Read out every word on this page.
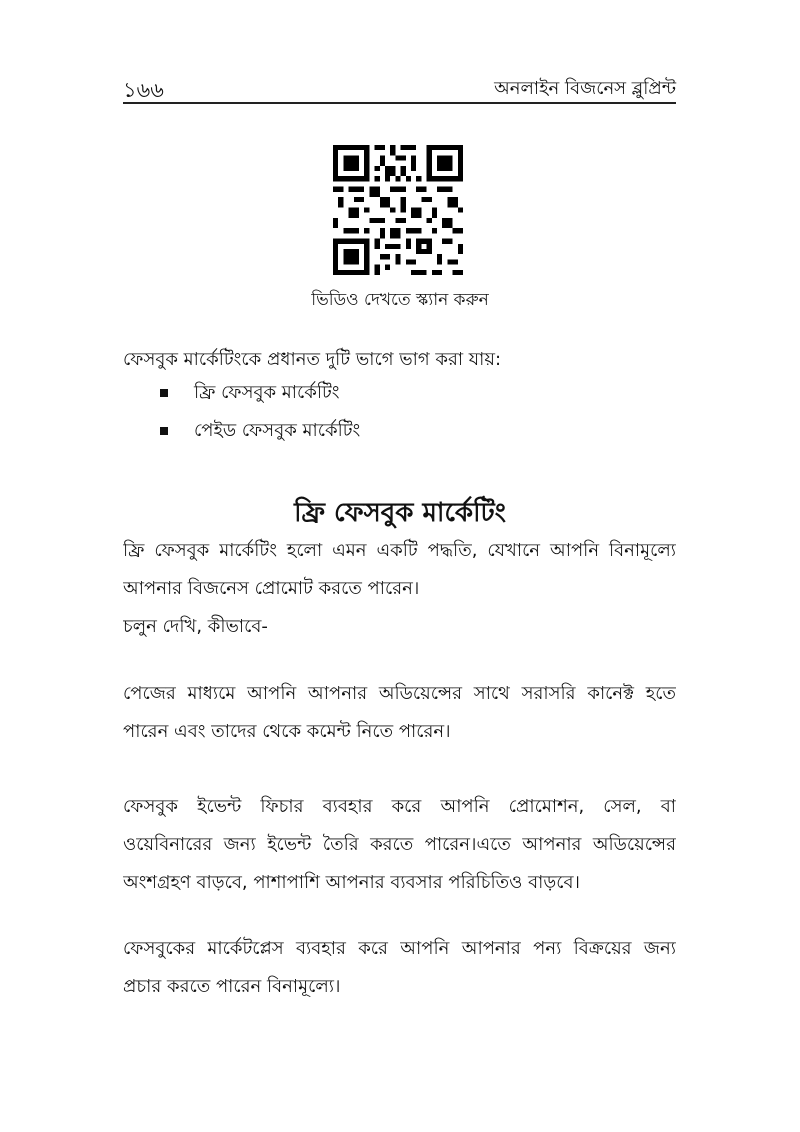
১৬৬	অনলাইন বিজনেস ব্লুপ্রিন্ট
ভিডিও দেখতে স্ক্যান করুন
ফেসবুক মার্কেটিংকে প্রধানত দুটি ভাগে ভাগ করা যায়:
ফ্রি ফেসবুক মার্কেটিং
পেইড ফেসবুক মার্কেটিং
ফ্রি ফেসবুক মার্কেটিং
ফ্রি ফেসবুক মার্কেটিং হলো এমন একটি পদ্ধতি, যেখানে আপনি বিনামূল্যে
আপনার বিজনেস প্রোমোট করতে পারেন।
চলুন দেখি, কীভাবে-
পেজের মাধ্যমে আপনি আপনার অডিয়েন্সের সাথে সরাসরি কানেক্ট হতে
পারেন এবং তাদের থেকে কমেন্ট নিতে পারেন।
ফেসবুক ইভেন্ট ফিচার ব্যবহার করে আপনি প্রোমোশন, সেল, বা
ওয়েবিনারের জন্য ইভেন্ট তৈরি করতে পারেন।এতে আপনার অডিয়েন্সের
অংশগ্রহণ বাড়বে, পাশাপাশি আপনার ব্যবসার পরিচিতিও বাড়বে।
ফেসবুকের মার্কেটপ্লেস ব্যবহার করে আপনি আপনার পন্য বিক্রয়ের জন্য
প্রচার করতে পারেন বিনামূল্যে।
